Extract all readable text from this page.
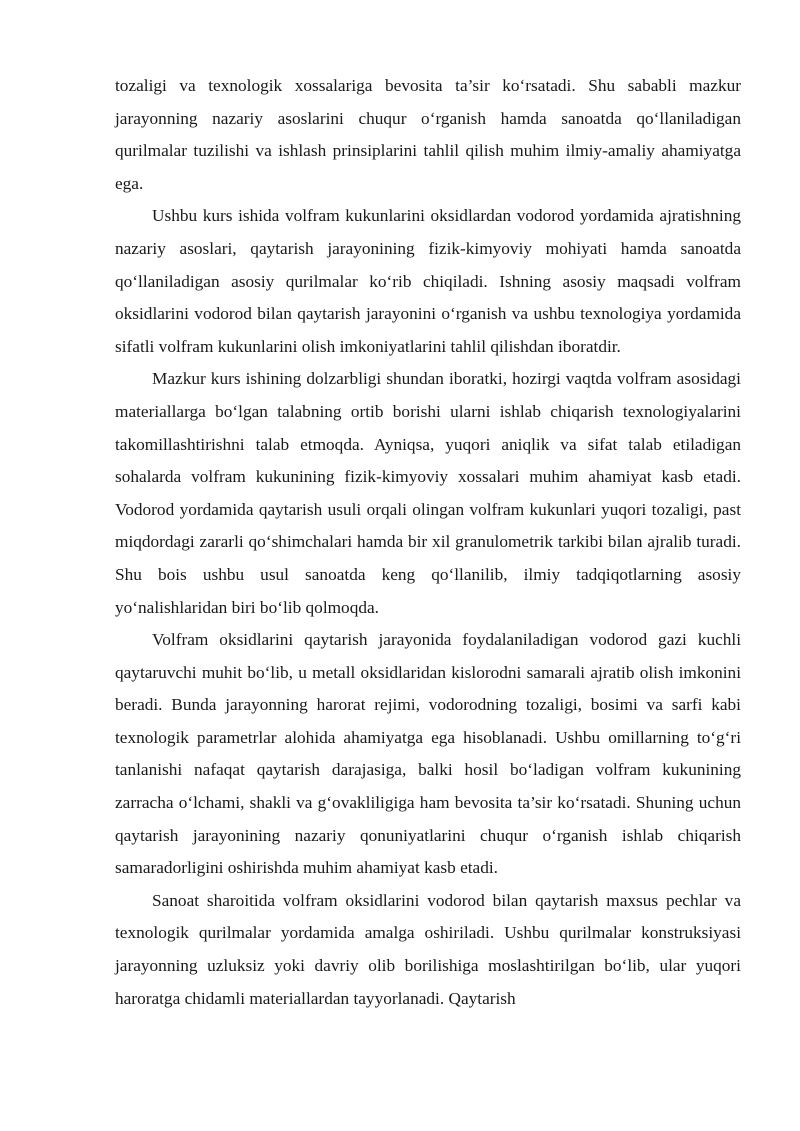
tozaligi va texnologik xossalariga bevosita ta’sir ko‘rsatadi. Shu sababli mazkur jarayonning nazariy asoslarini chuqur o‘rganish hamda sanoatda qo‘llaniladigan qurilmalar tuzilishi va ishlash prinsiplarini tahlil qilish muhim ilmiy-amaliy ahamiyatga ega.

Ushbu kurs ishida volfram kukunlarini oksidlardan vodorod yordamida ajratishning nazariy asoslari, qaytarish jarayonining fizik-kimyoviy mohiyati hamda sanoatda qo‘llaniladigan asosiy qurilmalar ko‘rib chiqiladi. Ishning asosiy maqsadi volfram oksidlarini vodorod bilan qaytarish jarayonini o‘rganish va ushbu texnologiya yordamida sifatli volfram kukunlarini olish imkoniyatlarini tahlil qilishdan iboratdir.

Mazkur kurs ishining dolzarbligi shundan iboratki, hozirgi vaqtda volfram asosidagi materiallarga bo‘lgan talabning ortib borishi ularni ishlab chiqarish texnologiyalarini takomillashtirishni talab etmoqda. Ayniqsa, yuqori aniqlik va sifat talab etiladigan sohalarda volfram kukunining fizik-kimyoviy xossalari muhim ahamiyat kasb etadi. Vodorod yordamida qaytarish usuli orqali olingan volfram kukunlari yuqori tozaligi, past miqdordagi zararli qo‘shimchalari hamda bir xil granulometrik tarkibi bilan ajralib turadi. Shu bois ushbu usul sanoatda keng qo‘llanilib, ilmiy tadqiqotlarning asosiy yo‘nalishlaridan biri bo‘lib qolmoqda.

Volfram oksidlarini qaytarish jarayonida foydalaniladigan vodorod gazi kuchli qaytaruvchi muhit bo‘lib, u metall oksidlaridan kislorodni samarali ajratib olish imkonini beradi. Bunda jarayonning harorat rejimi, vodorodning tozaligi, bosimi va sarfi kabi texnologik parametrlar alohida ahamiyatga ega hisoblanadi. Ushbu omillarning to‘g‘ri tanlanishi nafaqat qaytarish darajasiga, balki hosil bo‘ladigan volfram kukunining zarracha o‘lchami, shakli va g‘ovakliligiga ham bevosita ta’sir ko‘rsatadi. Shuning uchun qaytarish jarayonining nazariy qonuniyatlarini chuqur o‘rganish ishlab chiqarish samaradorligini oshirishda muhim ahamiyat kasb etadi.

Sanoat sharoitida volfram oksidlarini vodorod bilan qaytarish maxsus pechlar va texnologik qurilmalar yordamida amalga oshiriladi. Ushbu qurilmalar konstruksiyasi jarayonning uzluksiz yoki davriy olib borilishiga moslashtirilgan bo‘lib, ular yuqori haroratga chidamli materiallardan tayyorlanadi. Qaytarish
